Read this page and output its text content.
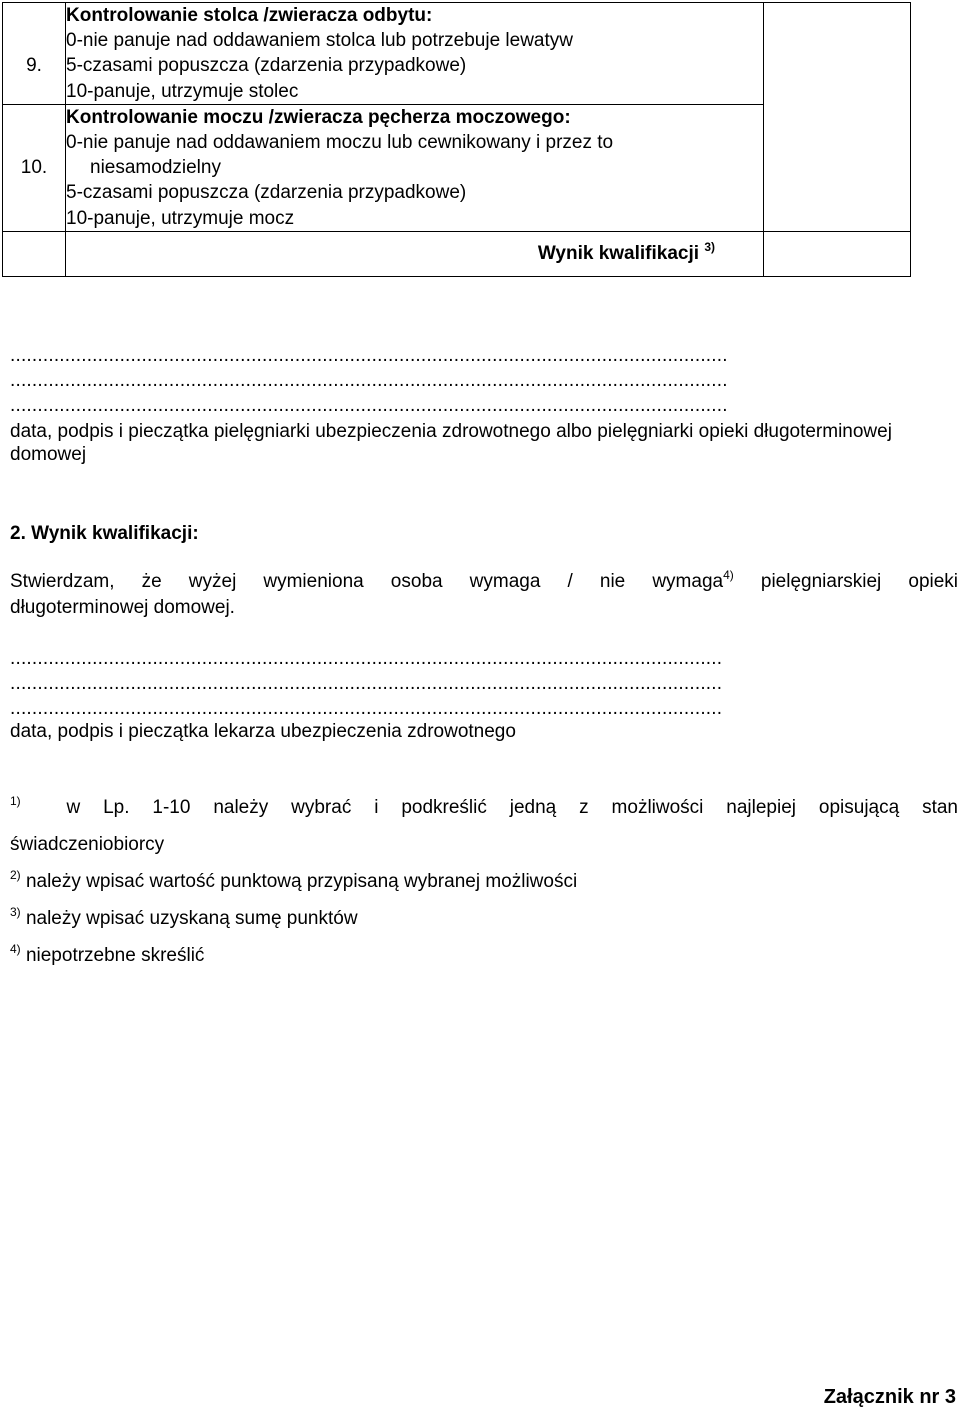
9.	Kontrolowanie stolca /zwieracza odbytu:
0-nie panuje nad oddawaniem stolca lub potrzebuje lewatyw
5-czasami popuszcza (zdarzenia przypadkowe)
10-panuje, utrzymuje stolec	

10.	Kontrolowanie moczu /zwieracza pęcherza moczowego:
0-nie panuje nad oddawaniem moczu lub cewnikowany i przez to
niesamodzielny
5-czasami popuszcza (zdarzenia przypadkowe)
10-panuje, utrzymuje mocz	

	Wynik kwalifikacji $^{3)}$

...................................................................................................................................
...................................................................................................................................
...................................................................................................................................
data, podpis i pieczątka pielęgniarki ubezpieczenia zdrowotnego albo pielęgniarki opieki długoterminowej domowej
2. Wynik kwalifikacji:
Stwierdzam, że wyżej wymieniona osoba wymaga / nie wymaga$^{4)}$ pielęgniarskiej opieki
długoterminowej domowej.
..................................................................................................................................
..................................................................................................................................
..................................................................................................................................
data, podpis i pieczątka lekarza ubezpieczenia zdrowotnego
$^{1)}$ w Lp. 1-10 należy wybrać i podkreślić jedną z możliwości najlepiej opisującą stan
świadczeniobiorcy
$^{2)}$ należy wpisać wartość punktową przypisaną wybranej możliwości
$^{3)}$ należy wpisać uzyskaną sumę punktów
$^{4)}$ niepotrzebne skreślić
Załącznik nr 3
